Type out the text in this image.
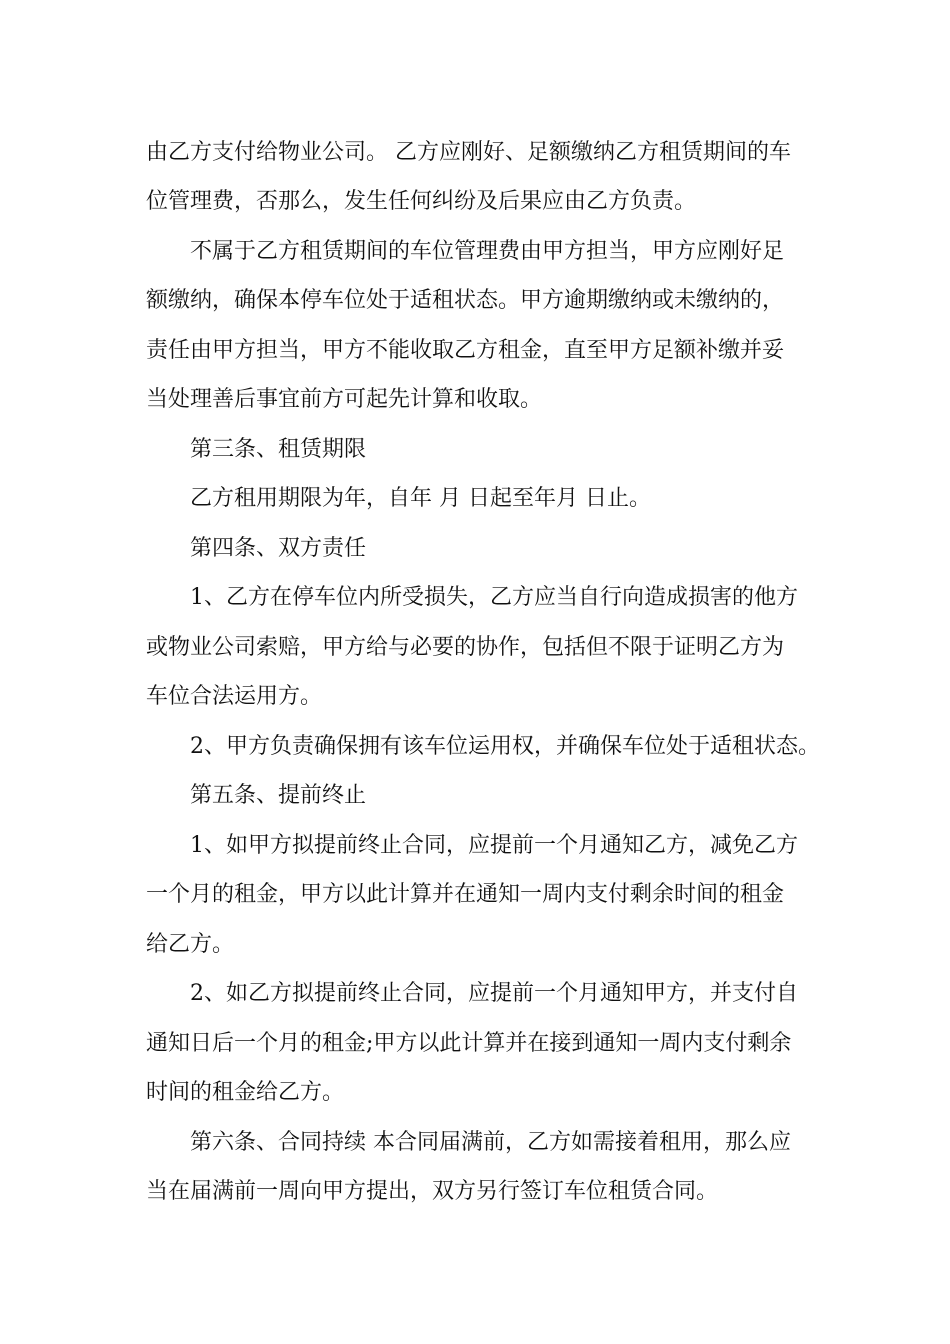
由乙方支付给物业公司。 乙方应刚好、足额缴纳乙方租赁期间的车
位管理费，否那么，发生任何纠纷及后果应由乙方负责。
不属于乙方租赁期间的车位管理费由甲方担当，甲方应刚好足
额缴纳，确保本停车位处于适租状态。甲方逾期缴纳或未缴纳的，
责任由甲方担当，甲方不能收取乙方租金，直至甲方足额补缴并妥
当处理善后事宜前方可起先计算和收取。
第三条、租赁期限
乙方租用期限为年，自年 月 日起至年月 日止。
第四条、双方责任
1、乙方在停车位内所受损失，乙方应当自行向造成损害的他方
或物业公司索赔，甲方给与必要的协作，包括但不限于证明乙方为
车位合法运用方。
2、甲方负责确保拥有该车位运用权，并确保车位处于适租状态。
第五条、提前终止
1、如甲方拟提前终止合同，应提前一个月通知乙方，减免乙方
一个月的租金，甲方以此计算并在通知一周内支付剩余时间的租金
给乙方。
2、如乙方拟提前终止合同，应提前一个月通知甲方，并支付自
通知日后一个月的租金;甲方以此计算并在接到通知一周内支付剩余
时间的租金给乙方。
第六条、合同持续 本合同届满前，乙方如需接着租用，那么应
当在届满前一周向甲方提出，双方另行签订车位租赁合同。
